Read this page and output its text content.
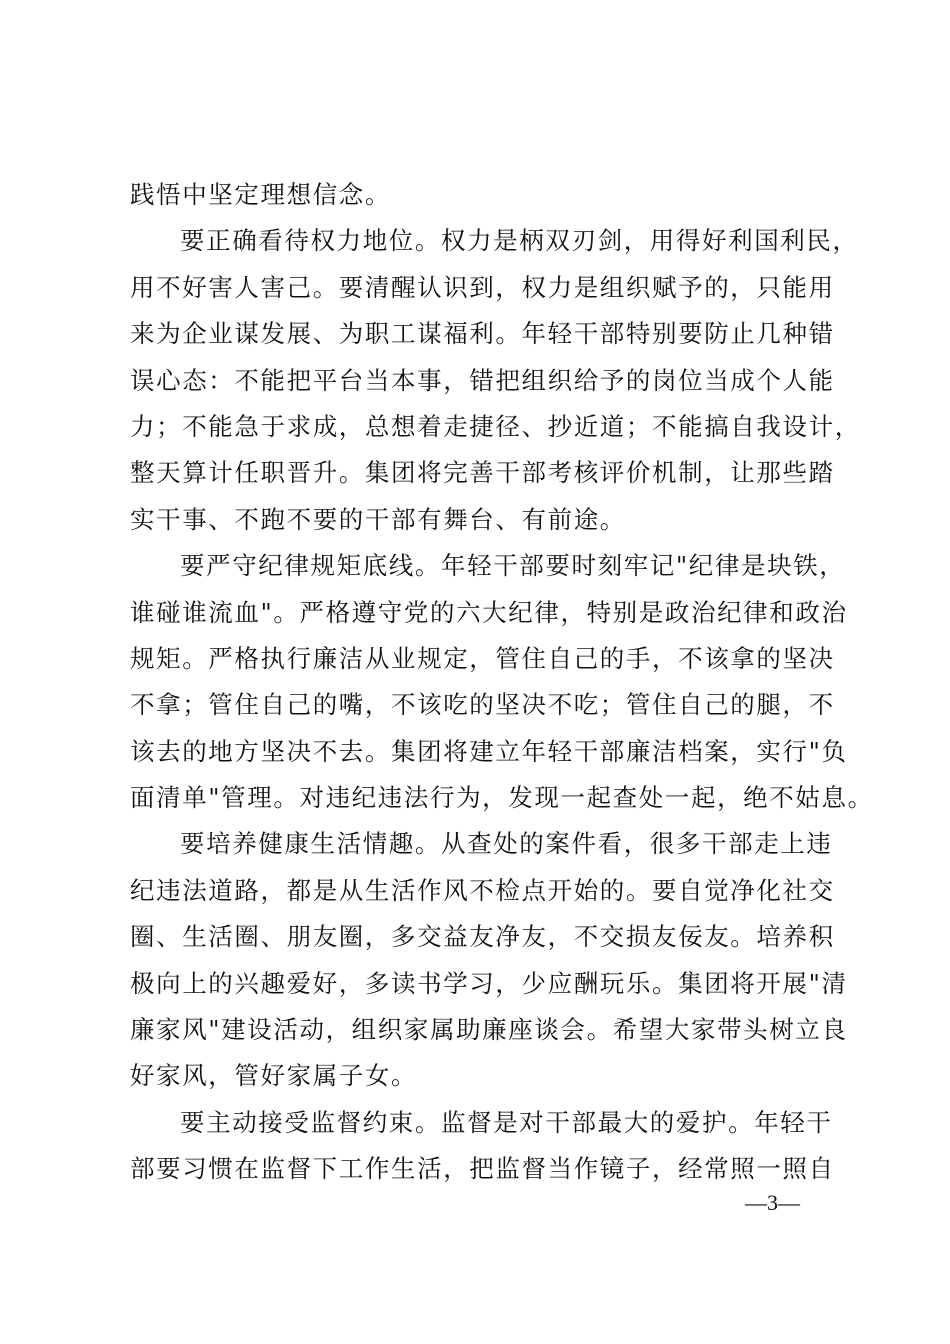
践悟中坚定理想信念。
要正确看待权力地位。权力是柄双刃剑，用得好利国利民，
用不好害人害己。要清醒认识到，权力是组织赋予的，只能用
来为企业谋发展、为职工谋福利。年轻干部特别要防止几种错
误心态：不能把平台当本事，错把组织给予的岗位当成个人能
力；不能急于求成，总想着走捷径、抄近道；不能搞自我设计，
整天算计任职晋升。集团将完善干部考核评价机制，让那些踏
实干事、不跑不要的干部有舞台、有前途。
要严守纪律规矩底线。年轻干部要时刻牢记"纪律是块铁，
谁碰谁流血"。严格遵守党的六大纪律，特别是政治纪律和政治
规矩。严格执行廉洁从业规定，管住自己的手，不该拿的坚决
不拿；管住自己的嘴，不该吃的坚决不吃；管住自己的腿，不
该去的地方坚决不去。集团将建立年轻干部廉洁档案，实行"负
面清单"管理。对违纪违法行为，发现一起查处一起，绝不姑息。
要培养健康生活情趣。从查处的案件看，很多干部走上违
纪违法道路，都是从生活作风不检点开始的。要自觉净化社交
圈、生活圈、朋友圈，多交益友净友，不交损友佞友。培养积
极向上的兴趣爱好，多读书学习，少应酬玩乐。集团将开展"清
廉家风"建设活动，组织家属助廉座谈会。希望大家带头树立良
好家风，管好家属子女。
要主动接受监督约束。监督是对干部最大的爱护。年轻干
部要习惯在监督下工作生活，把监督当作镜子，经常照一照自
—3—
